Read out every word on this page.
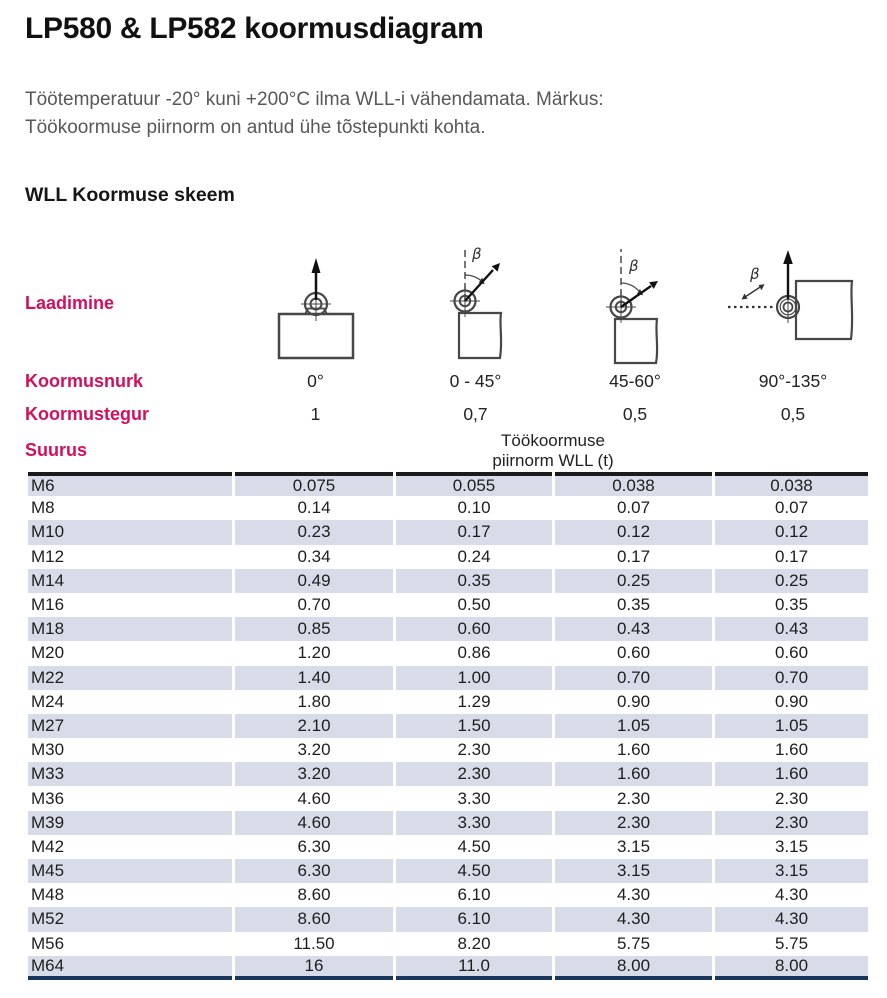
LP580 & LP582 koormusdiagram

Töötemperatuur -20° kuni +200°C ilma WLL-i vähendamata. Märkus:
Töökoormuse piirnorm on antud ühe tõstepunkti kohta.

WLL Koormuse skeem
Laadimine
β
β	β
Koormusnurk	0°	0 - 45°	45-60°	90°-135°
Koormustegur	1	0,7	0,5	0,5
Suurus	Töökoormuse
piirnorm WLL (t)
M6	0.075	0.055	0.038	0.038
M8	0.14	0.10	0.07	0.07
M10	0.23	0.17	0.12	0.12
M12	0.34	0.24	0.17	0.17
M14	0.49	0.35	0.25	0.25
M16	0.70	0.50	0.35	0.35
M18	0.85	0.60	0.43	0.43
M20	1.20	0.86	0.60	0.60
M22	1.40	1.00	0.70	0.70
M24	1.80	1.29	0.90	0.90
M27	2.10	1.50	1.05	1.05
M30	3.20	2.30	1.60	1.60
M33	3.20	2.30	1.60	1.60
M36	4.60	3.30	2.30	2.30
M39	4.60	3.30	2.30	2.30
M42	6.30	4.50	3.15	3.15
M45	6.30	4.50	3.15	3.15
M48	8.60	6.10	4.30	4.30
M52	8.60	6.10	4.30	4.30
M56	11.50	8.20	5.75	5.75
M64	16	11.0	8.00	8.00
